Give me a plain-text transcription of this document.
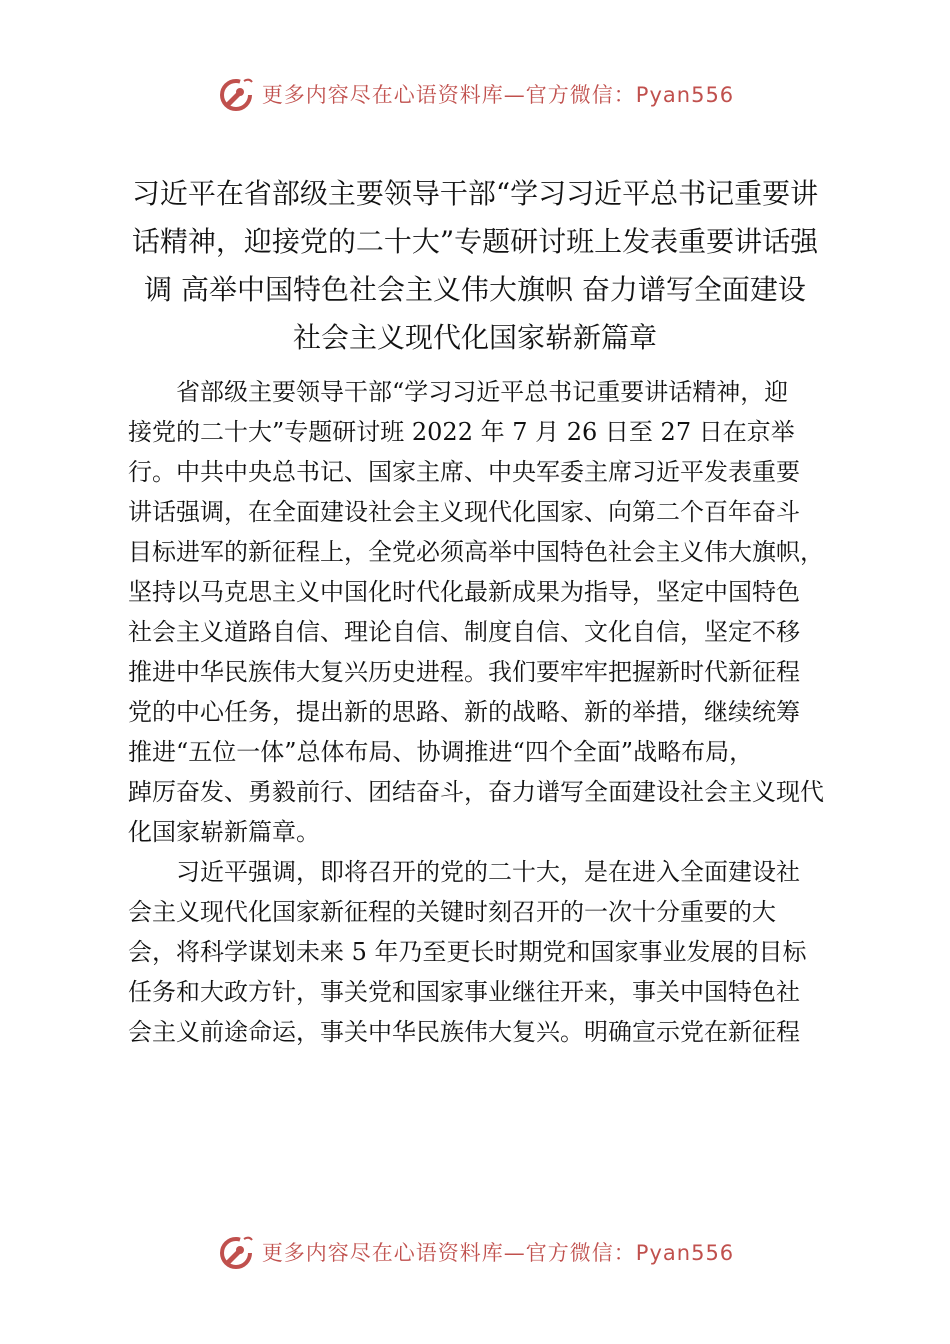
更多内容尽在心语资料库—官方微信：Pyan556
习近平在省部级主要领导干部“学习习近平总书记重要讲
话精神，迎接党的二十大”专题研讨班上发表重要讲话强
调 高举中国特色社会主义伟大旗帜 奋力谱写全面建设
社会主义现代化国家崭新篇章
　　省部级主要领导干部“学习习近平总书记重要讲话精神，迎
接党的二十大”专题研讨班 2022 年 7 月 26 日至 27 日在京举
行。中共中央总书记、国家主席、中央军委主席习近平发表重要
讲话强调，在全面建设社会主义现代化国家、向第二个百年奋斗
目标进军的新征程上，全党必须高举中国特色社会主义伟大旗帜，
坚持以马克思主义中国化时代化最新成果为指导，坚定中国特色
社会主义道路自信、理论自信、制度自信、文化自信，坚定不移
推进中华民族伟大复兴历史进程。我们要牢牢把握新时代新征程
党的中心任务，提出新的思路、新的战略、新的举措，继续统筹
推进“五位一体”总体布局、协调推进“四个全面”战略布局，
踔厉奋发、勇毅前行、团结奋斗，奋力谱写全面建设社会主义现代
化国家崭新篇章。
　　习近平强调，即将召开的党的二十大，是在进入全面建设社
会主义现代化国家新征程的关键时刻召开的一次十分重要的大
会，将科学谋划未来 5 年乃至更长时期党和国家事业发展的目标
任务和大政方针，事关党和国家事业继往开来，事关中国特色社
会主义前途命运，事关中华民族伟大复兴。明确宣示党在新征程
更多内容尽在心语资料库—官方微信：Pyan556
